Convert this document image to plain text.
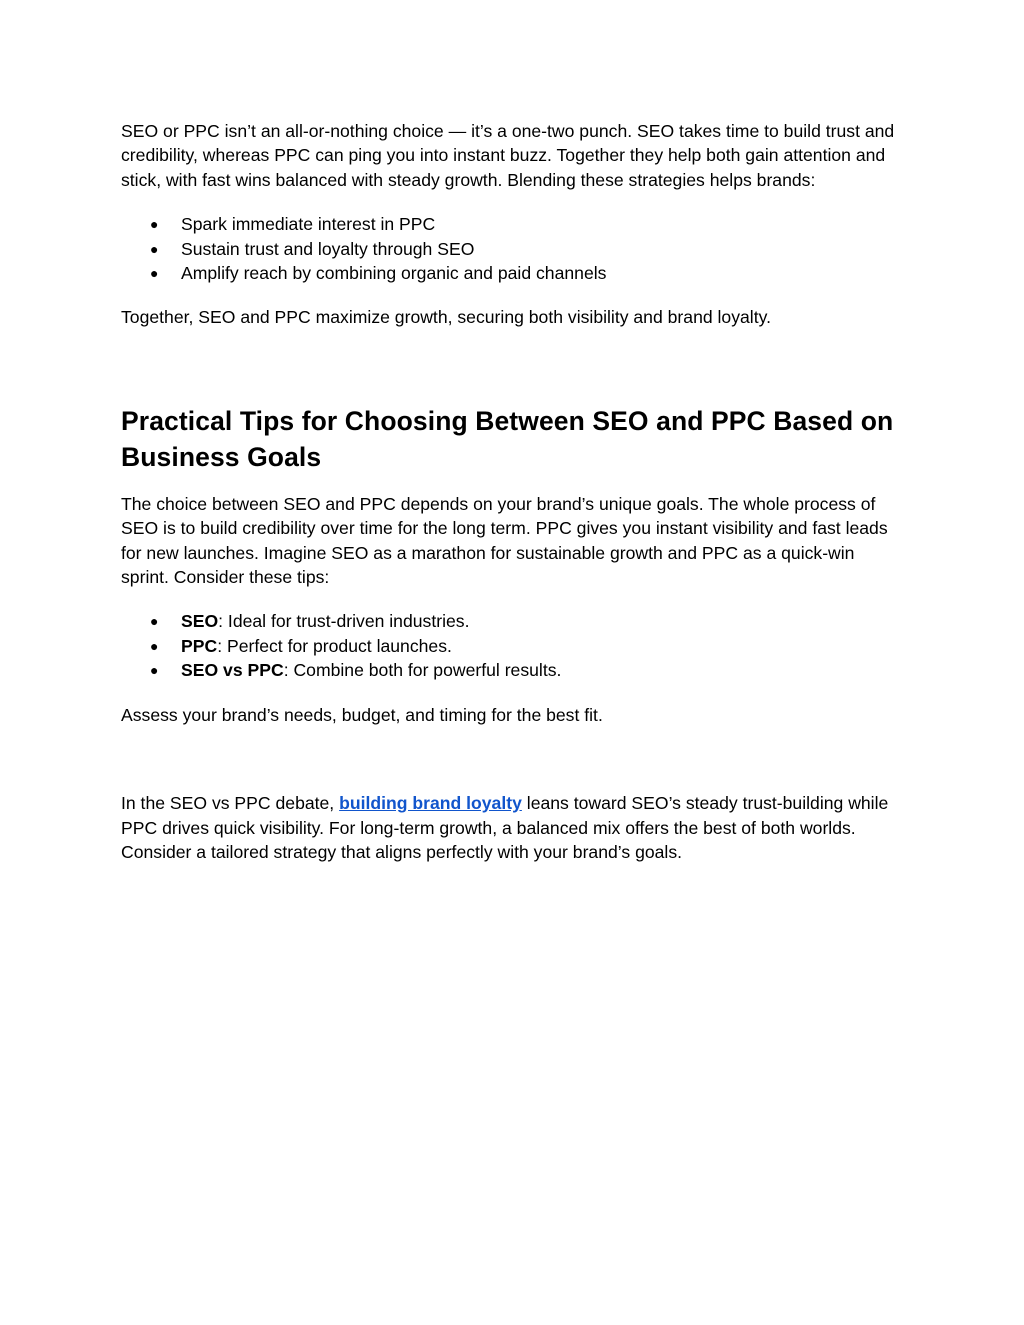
SEO or PPC isn’t an all-or-nothing choice — it’s a one-two punch. SEO takes time to build trust and credibility, whereas PPC can ping you into instant buzz. Together they help both gain attention and stick, with fast wins balanced with steady growth. Blending these strategies helps brands:

● Spark immediate interest in PPC
● Sustain trust and loyalty through SEO
● Amplify reach by combining organic and paid channels

Together, SEO and PPC maximize growth, securing both visibility and brand loyalty.

Practical Tips for Choosing Between SEO and PPC Based on Business Goals

The choice between SEO and PPC depends on your brand’s unique goals. The whole process of SEO is to build credibility over time for the long term. PPC gives you instant visibility and fast leads for new launches. Imagine SEO as a marathon for sustainable growth and PPC as a quick-win sprint. Consider these tips:

● SEO: Ideal for trust-driven industries.
● PPC: Perfect for product launches.
● SEO vs PPC: Combine both for powerful results.

Assess your brand’s needs, budget, and timing for the best fit.

In the SEO vs PPC debate, building brand loyalty leans toward SEO’s steady trust-building while PPC drives quick visibility. For long-term growth, a balanced mix offers the best of both worlds. Consider a tailored strategy that aligns perfectly with your brand’s goals.
